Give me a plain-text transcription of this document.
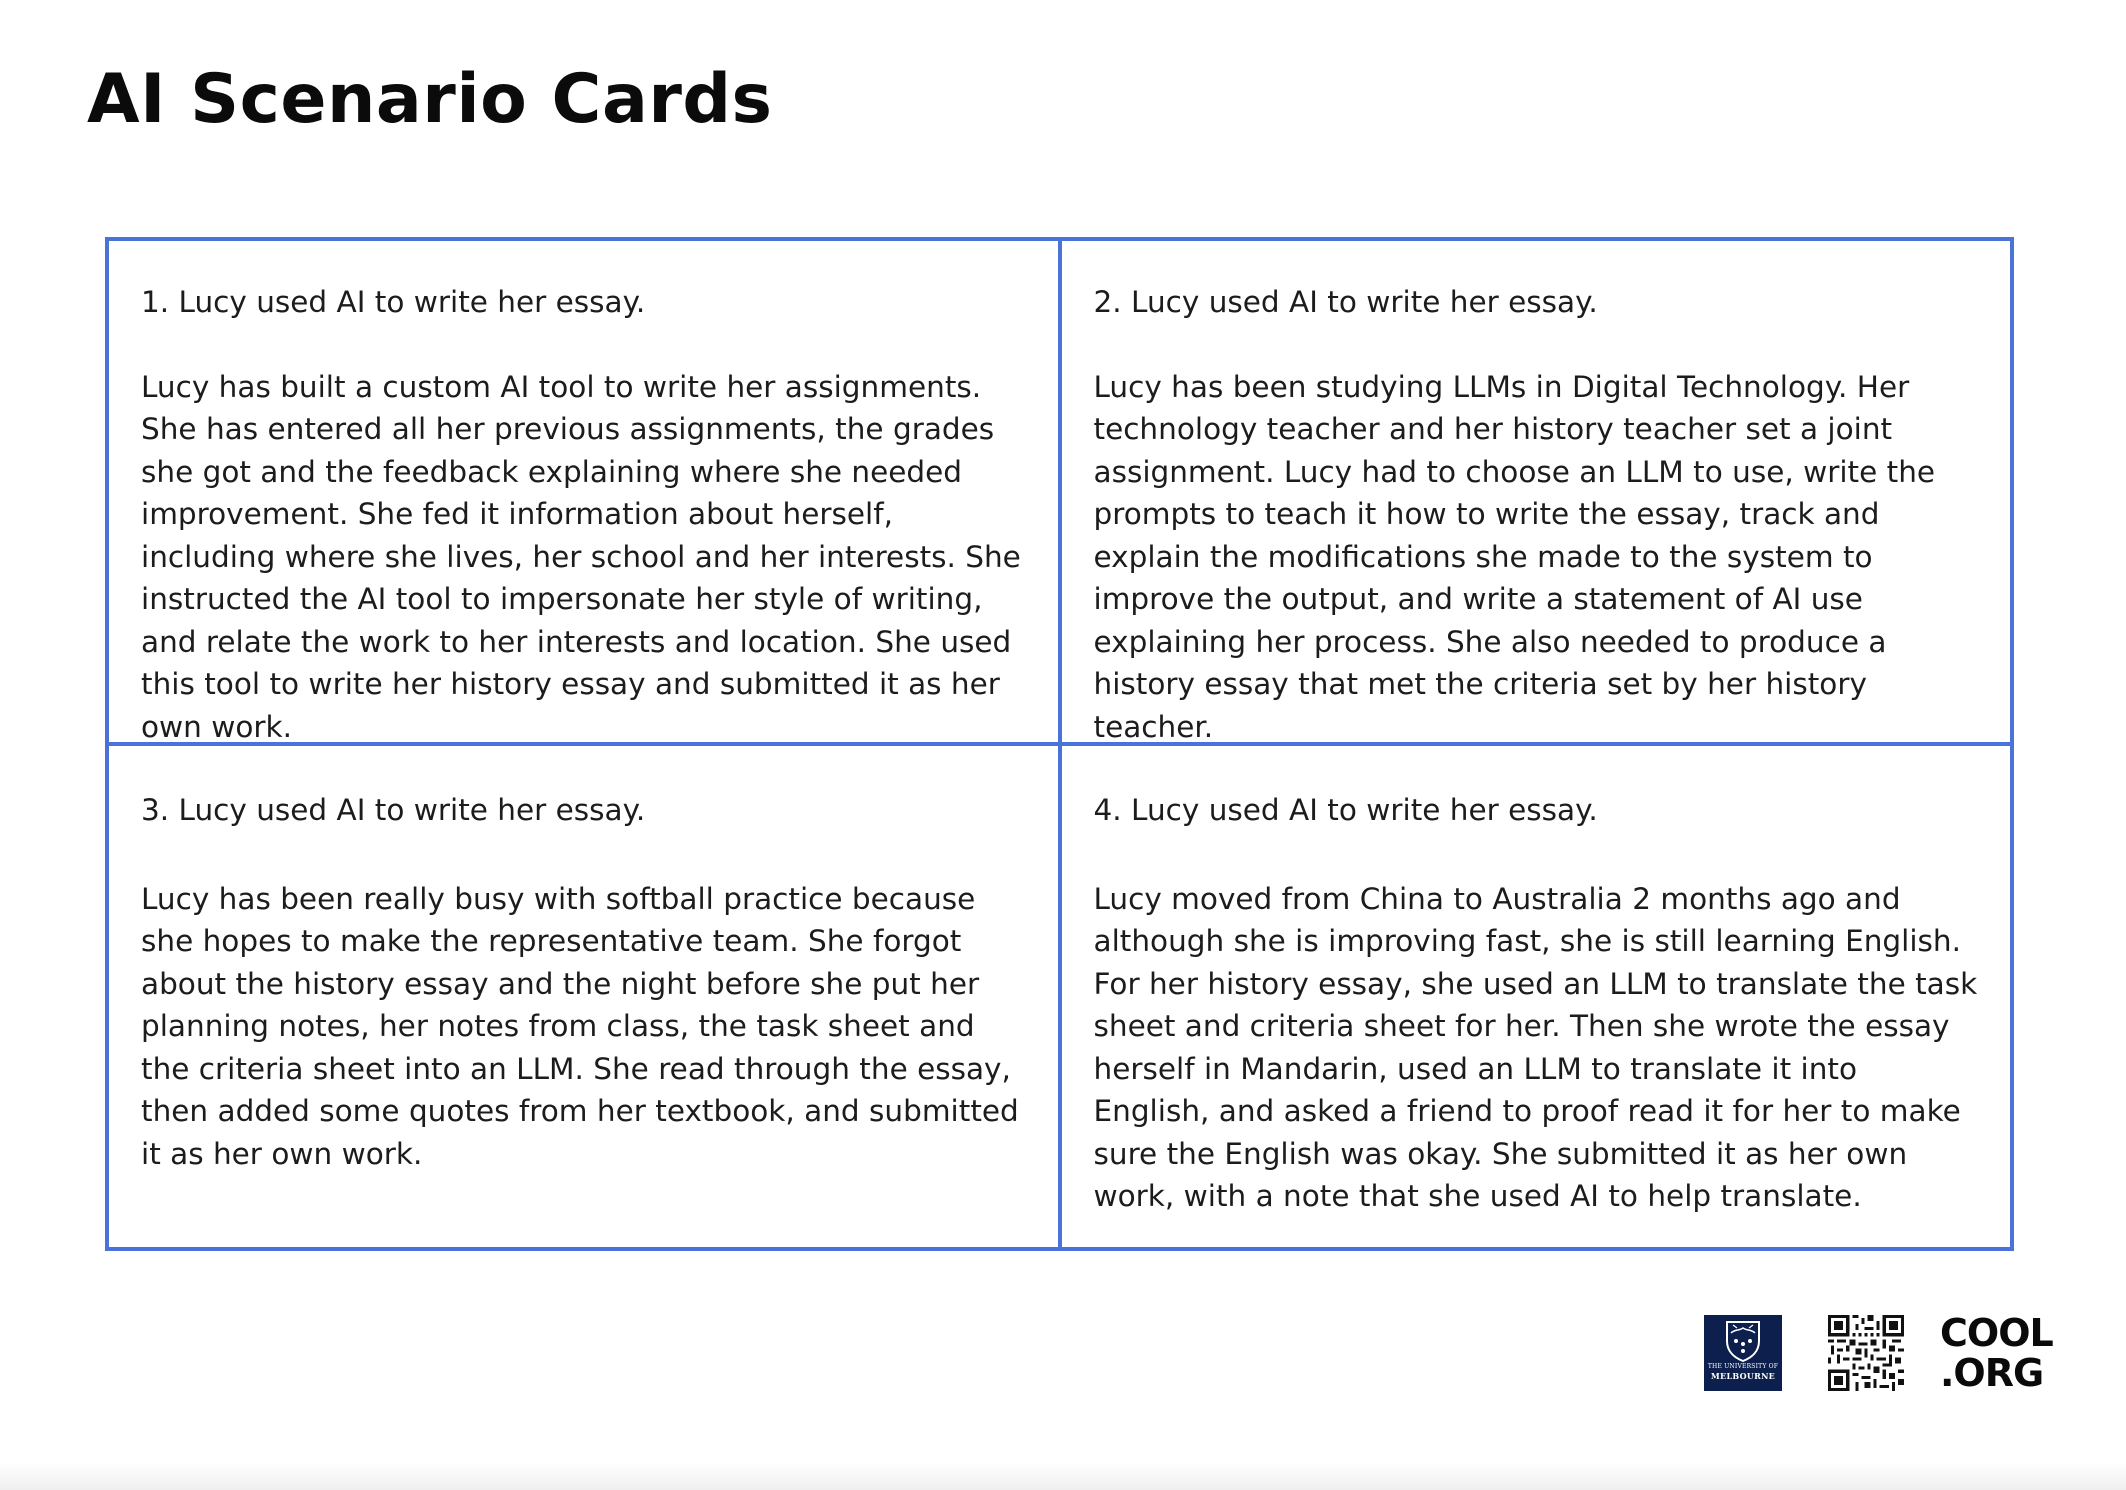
AI Scenario Cards

1. Lucy used AI to write her essay.

Lucy has built a custom AI tool to write her assignments. She has entered all her previous assignments, the grades she got and the feedback explaining where she needed improvement. She fed it information about herself, including where she lives, her school and her interests. She instructed the AI tool to impersonate her style of writing, and relate the work to her interests and location. She used this tool to write her history essay and submitted it as her own work.

2. Lucy used AI to write her essay.

Lucy has been studying LLMs in Digital Technology. Her technology teacher and her history teacher set a joint assignment. Lucy had to choose an LLM to use, write the prompts to teach it how to write the essay, track and explain the modifications she made to the system to improve the output, and write a statement of AI use explaining her process. She also needed to produce a history essay that met the criteria set by her history teacher.

3. Lucy used AI to write her essay.

Lucy has been really busy with softball practice because she hopes to make the representative team. She forgot about the history essay and the night before she put her planning notes, her notes from class, the task sheet and the criteria sheet into an LLM. She read through the essay, then added some quotes from her textbook, and submitted it as her own work.

4. Lucy used AI to write her essay.

Lucy moved from China to Australia 2 months ago and although she is improving fast, she is still learning English. For her history essay, she used an LLM to translate the task sheet and criteria sheet for her. Then she wrote the essay herself in Mandarin, used an LLM to translate it into English, and asked a friend to proof read it for her to make sure the English was okay. She submitted it as her own work, with a note that she used AI to help translate.

THE UNIVERSITY OF
MELBOURNE
COOL
.ORG
